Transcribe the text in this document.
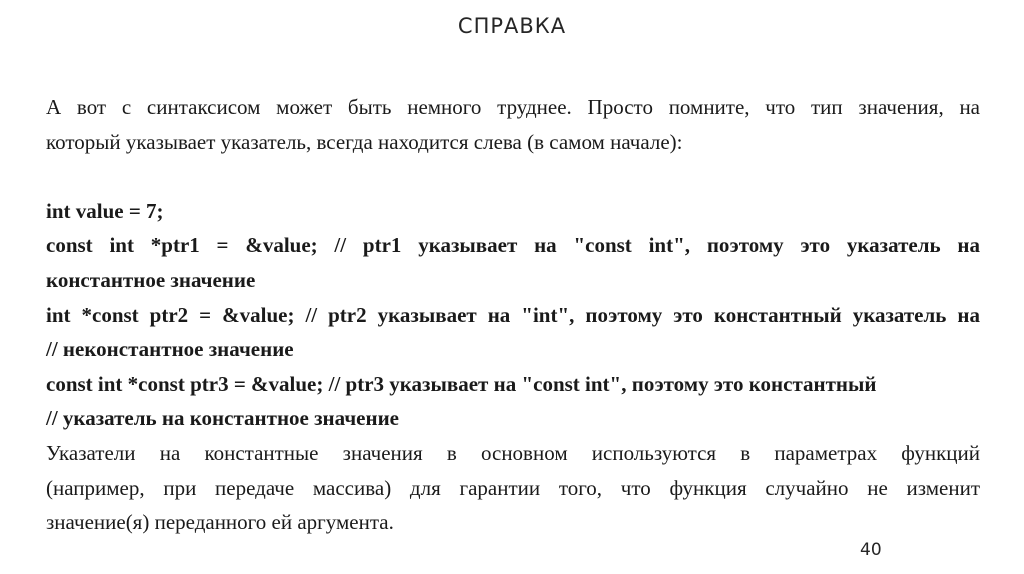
СПРАВКА
А вот с синтаксисом может быть немного труднее. Просто помните, что тип значения, на
который указывает указатель, всегда находится слева (в самом начале):
int value = 7;
const int *ptr1 = &value; // ptr1 указывает на "const int", поэтому это указатель на
константное значение
int *const ptr2 = &value; // ptr2 указывает на "int", поэтому это константный указатель на
// неконстантное значение
const int *const ptr3 = &value; // ptr3 указывает на "const int", поэтому это константный
// указатель на константное значение
Указатели на константные значения в основном используются в параметрах функций
(например, при передаче массива) для гарантии того, что функция случайно не изменит
значение(я) переданного ей аргумента.
40
